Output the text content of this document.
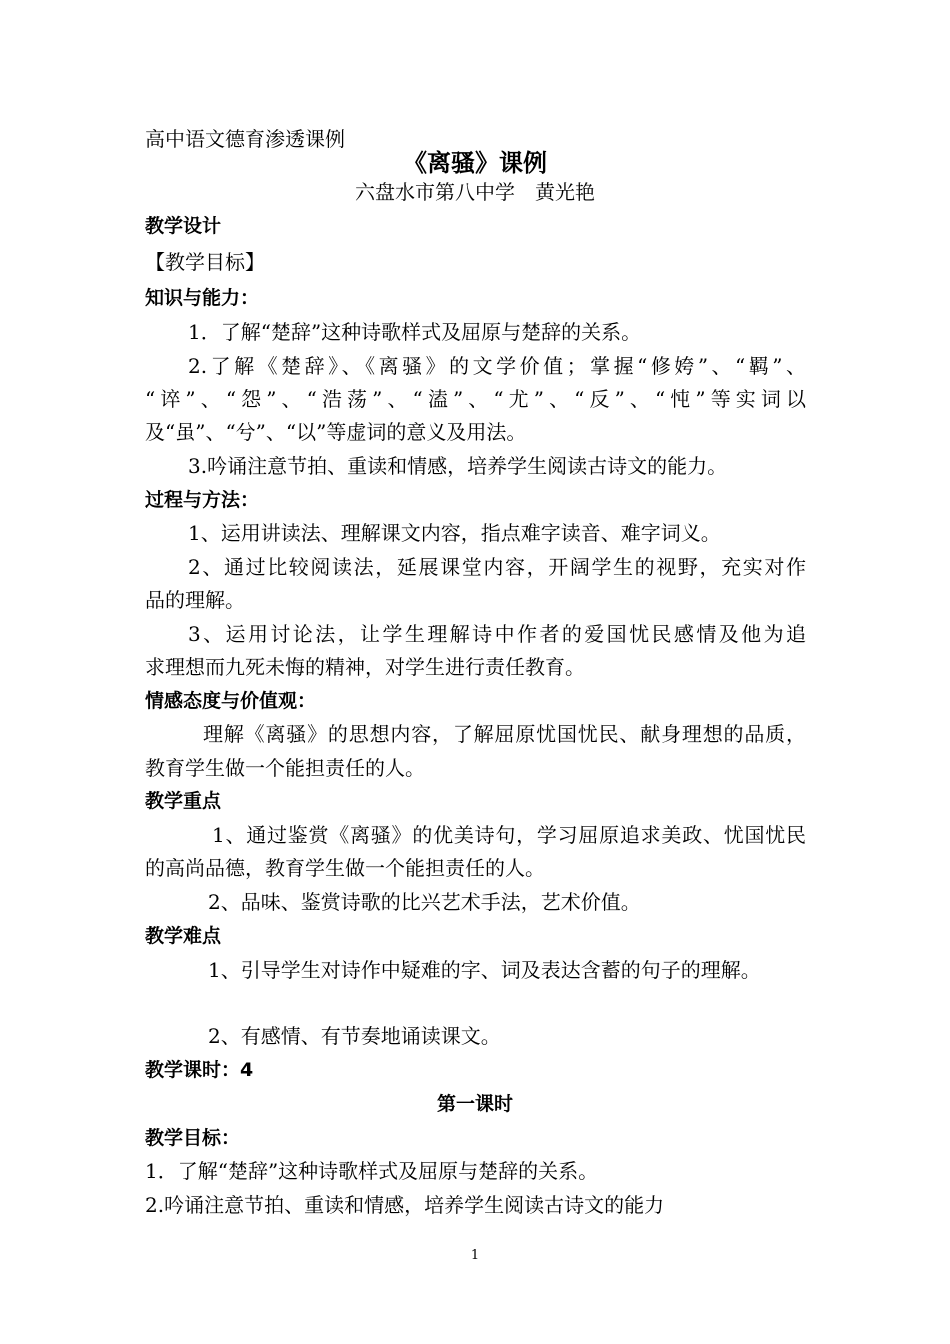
高中语文德育渗透课例
《离骚》课例
六盘水市第八中学　黄光艳
教学设计
【教学目标】
知识与能力：
1．了解“楚辞”这种诗歌样式及屈原与楚辞的关系。
2.了解《楚辞》、《离骚》的文学价值；掌握“修姱”、“羁”、
“谇”、“怨”、“浩荡”、“溘”、“尤”、“反”、“忳”等实词以
及“虽”、“兮”、“以”等虚词的意义及用法。
3.吟诵注意节拍、重读和情感，培养学生阅读古诗文的能力。
过程与方法：
1、运用讲读法、理解课文内容，指点难字读音、难字词义。
2、通过比较阅读法，延展课堂内容，开阔学生的视野，充实对作
品的理解。
3、运用讨论法，让学生理解诗中作者的爱国忧民感情及他为追
求理想而九死未悔的精神，对学生进行责任教育。
情感态度与价值观：
理解《离骚》的思想内容，了解屈原忧国忧民、献身理想的品质，
教育学生做一个能担责任的人。
教学重点
1、通过鉴赏《离骚》的优美诗句，学习屈原追求美政、忧国忧民
的高尚品德，教育学生做一个能担责任的人。
2、品味、鉴赏诗歌的比兴艺术手法，艺术价值。
教学难点
1、引导学生对诗作中疑难的字、词及表达含蓄的句子的理解。
2、有感情、有节奏地诵读课文。
教学课时：4
第一课时
教学目标：
1．了解“楚辞”这种诗歌样式及屈原与楚辞的关系。
2.吟诵注意节拍、重读和情感，培养学生阅读古诗文的能力
1
